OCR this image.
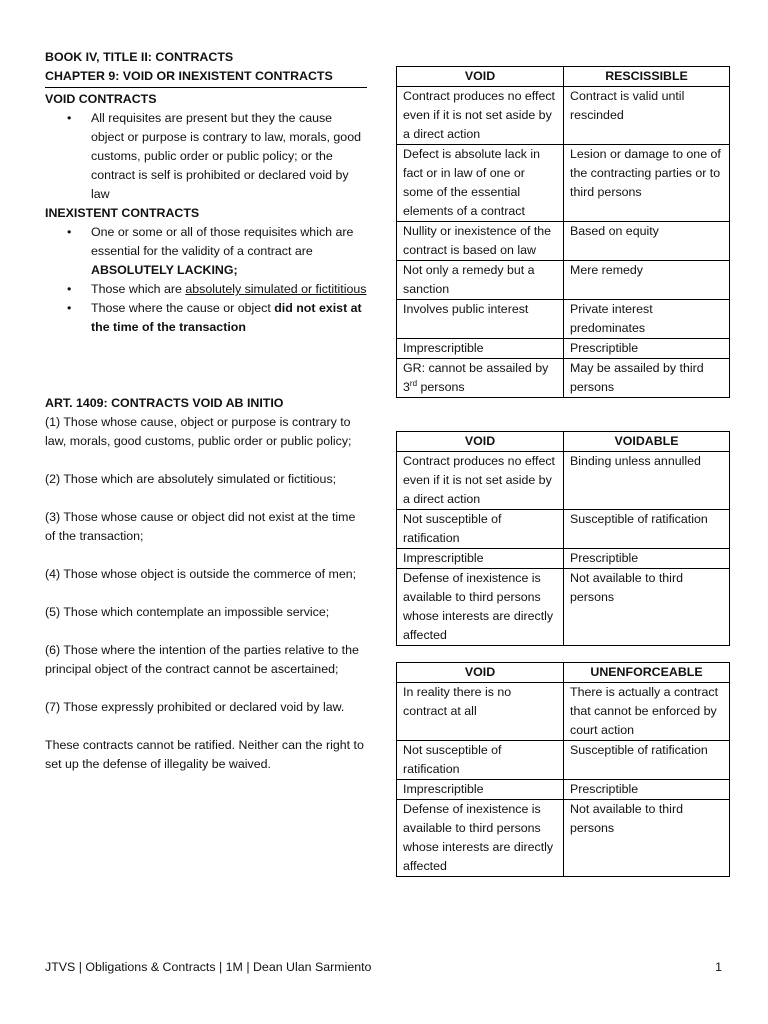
BOOK IV, TITLE II: CONTRACTS
CHAPTER 9: VOID OR INEXISTENT CONTRACTS
VOID CONTRACTS
• All requisites are present but they the cause object or purpose is contrary to law, morals, good customs, public order or public policy; or the contract is self is prohibited or declared void by law
INEXISTENT CONTRACTS
• One or some or all of those requisites which are essential for the validity of a contract are ABSOLUTELY LACKING;
• Those which are absolutely simulated or fictititious
• Those where the cause or object did not exist at the time of the transaction
ART. 1409: CONTRACTS VOID AB INITIO
(1) Those whose cause, object or purpose is contrary to law, morals, good customs, public order or public policy;
(2) Those which are absolutely simulated or fictitious;
(3) Those whose cause or object did not exist at the time of the transaction;
(4) Those whose object is outside the commerce of men;
(5) Those which contemplate an impossible service;
(6) Those where the intention of the parties relative to the principal object of the contract cannot be ascertained;
(7) Those expressly prohibited or declared void by law.
These contracts cannot be ratified. Neither can the right to set up the defense of illegality be waived.
VOID	RESCISSIBLE
Contract produces no effect even if it is not set aside by a direct action	Contract is valid until rescinded
Defect is absolute lack in fact or in law of one or some of the essential elements of a contract	Lesion or damage to one of the contracting parties or to third persons
Nullity or inexistence of the contract is based on law	Based on equity
Not only a remedy but a sanction	Mere remedy
Involves public interest	Private interest predominates
Imprescriptible	Prescriptible
GR: cannot be assailed by 3rd persons	May be assailed by third persons
VOID	VOIDABLE
Contract produces no effect even if it is not set aside by a direct action	Binding unless annulled
Not susceptible of ratification	Susceptible of ratification
Imprescriptible	Prescriptible
Defense of inexistence is available to third persons whose interests are directly affected	Not available to third persons
VOID	UNENFORCEABLE
In reality there is no contract at all	There is actually a contract that cannot be enforced by court action
Not susceptible of ratification	Susceptible of ratification
Imprescriptible	Prescriptible
Defense of inexistence is available to third persons whose interests are directly affected	Not available to third persons
JTVS | Obligations & Contracts | 1M | Dean Ulan Sarmiento	1
